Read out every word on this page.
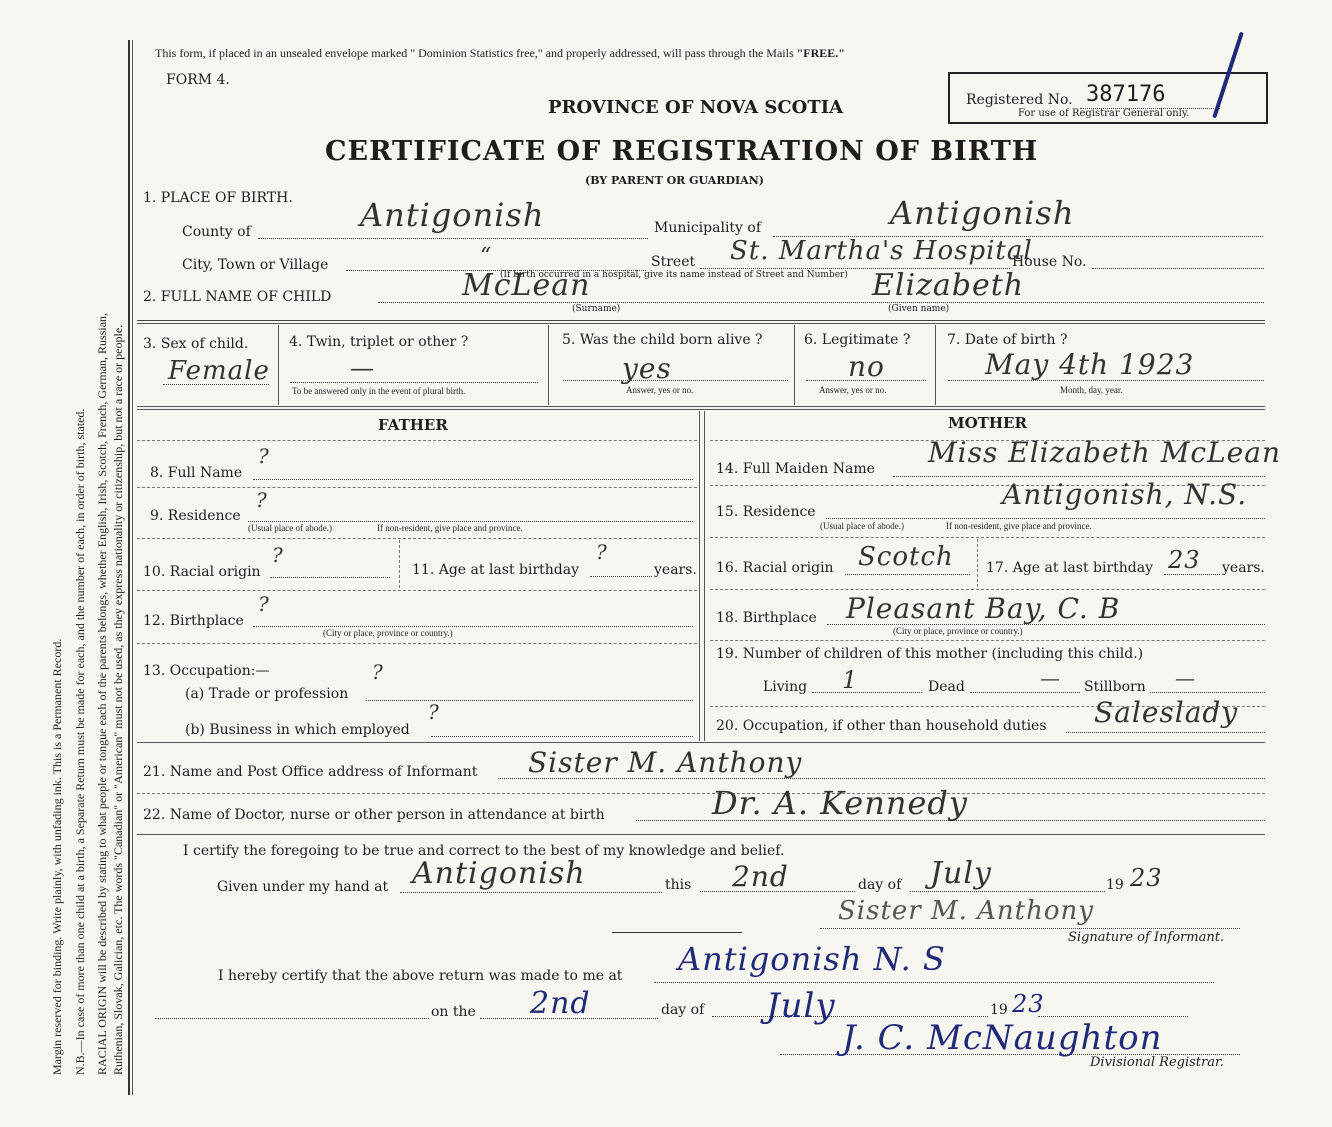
Margin reserved for binding. Write plainly, with unfading ink. This is a Permanent Record. N.B.—In case of more than one child at a birth, a Separate Return must be made for each, and the number of each, in order of birth, stated. RACIAL ORIGIN will be described by stating to what people or tongue each of the parents belongs, whether English, Irish, Scotch, French, German, Russian, Ruthenian, Slovak, Galician, etc. The words "Canadian" or "American" must not be used, as they express nationality or citizenship, but not a race or people.
This form, if placed in an unsealed envelope marked " Dominion Statistics free," and properly addressed, will pass through the Mails "FREE."
FORM 4.
PROVINCE OF NOVA SCOTIA
CERTIFICATE OF REGISTRATION OF BIRTH
(BY PARENT OR GUARDIAN)
Registered No. 387176
For use of Registrar General only.
1. PLACE OF BIRTH.
County of	Antigonish	Municipality of	Antigonish
City, Town or Village	“	Street St. Martha's Hospital
House No.
(If birth occurred in a hospital, give its name instead of Street and Number)
2. FULL NAME OF CHILD	McLean
(Surname)
Elizabeth
(Given name)
3. Sex of child.
Female
4. Twin, triplet or other ?
—
To be answered only in the event of plural birth.
5. Was the child born alive ?
yes
Answer, yes or no.
6. Legitimate ?
no
Answer, yes or no.
7. Date of birth ?
May 4th 1923
Month, day, year.
FATHER
8. Full Name
?
9. Residence
?
(Usual place of abode.)	If non-resident, give place and province.
10. Racial origin
?
11. Age at last birthday
?
years.
12. Birthplace
?
(City or place, province or country.)
13. Occupation:—	?
(a) Trade or profession
(b) Business in which employed
?
MOTHER
14. Full Maiden Name Miss Elizabeth McLean
15. Residence
Antigonish, N.S.
(Usual place of abode.)	If non-resident, give place and province.
16. Racial origin Scotch 17. Age at last birthday 23 years.
18. Birthplace Pleasant Bay, C. B
(City or place, province or country.)
19. Number of children of this mother (including this child.)
Living 1	Dead	— Stillborn —
20. Occupation, if other than household duties Saleslady
21. Name and Post Office address of Informant Sister M. Anthony
22. Name of Doctor, nurse or other person in attendance at birth	Dr. A. Kennedy
I certify the foregoing to be true and correct to the best of my knowledge and belief.
Given under my hand at Antigonish	this 2nd	day of July	19 23
Sister M. Anthony
Signature of Informant.
I hereby certify that the above return was made to me at Antigonish N. S
on the 2nd	day of July	19 23
J. C. McNaughton
Divisional Registrar.
